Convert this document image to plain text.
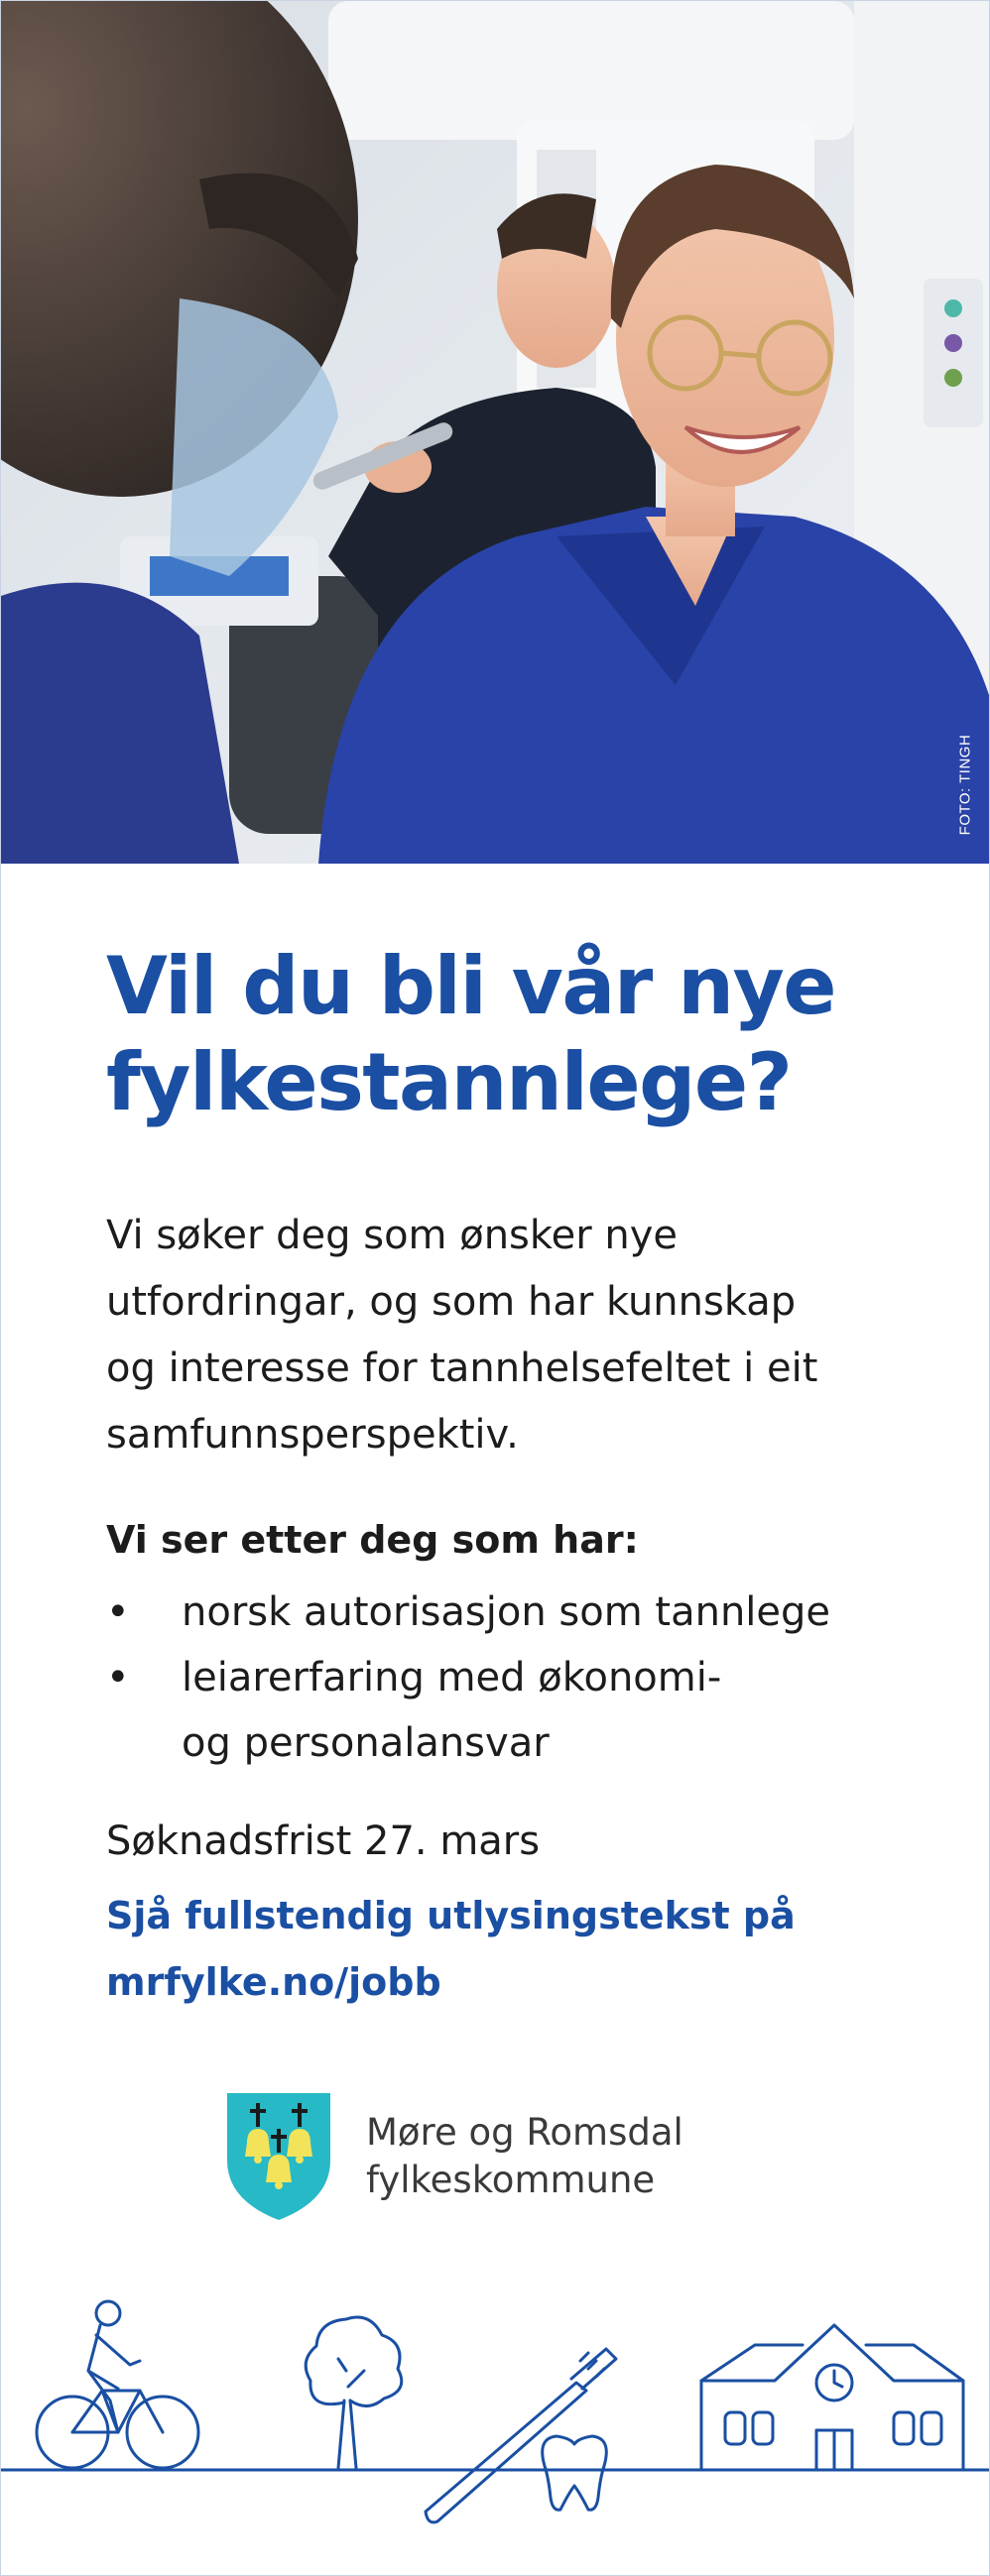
FOTO: TINGH
Vil du bli vår nye
fylkestannlege?
Vi søker deg som ønsker nye
utfordringar, og som har kunnskap
og interesse for tannhelsefeltet i eit
samfunnsperspektiv.
Vi ser etter deg som har:
• norsk autorisasjon som tannlege
• leiarerfaring med økonomi-
og personalansvar
Søknadsfrist 27. mars
Sjå fullstendig utlysingstekst på
mrfylke.no/jobb
Møre og Romsdal
fylkeskommune
